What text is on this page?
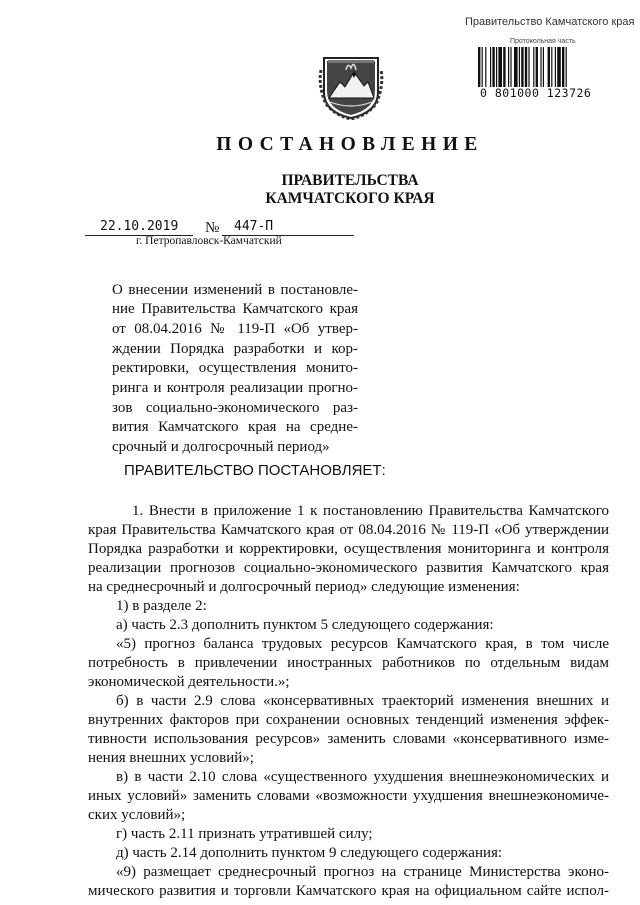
Правительство Камчатского края
Протокольная часть
0 801000 123726
ПОСТАНОВЛЕНИЕ
ПРАВИТЕЛЬСТВА
КАМЧАТСКОГО КРАЯ
22.10.2019 № 447-П
г. Петропавловск-Камчатский
О внесении изменений в постановле-
ние Правительства Камчатского края
от 08.04.2016 № 119-П «Об утвер-
ждении Порядка разработки и кор-
ректировки, осуществления монито-
ринга и контроля реализации прогно-
зов социально-экономического раз-
вития Камчатского края на средне-
срочный и долгосрочный период»
ПРАВИТЕЛЬСТВО ПОСТАНОВЛЯЕТ:
1. Внести в приложение 1 к постановлению Правительства Камчатского
края Правительства Камчатского края от 08.04.2016 № 119-П «Об утверждении
Порядка разработки и корректировки, осуществления мониторинга и контроля
реализации прогнозов социально-экономического развития Камчатского края
на среднесрочный и долгосрочный период» следующие изменения:
1) в разделе 2:
а) часть 2.3 дополнить пунктом 5 следующего содержания:
«5) прогноз баланса трудовых ресурсов Камчатского края, в том числе
потребность в привлечении иностранных работников по отдельным видам
экономической деятельности.»;
б) в части 2.9 слова «консервативных траекторий изменения внешних и
внутренних факторов при сохранении основных тенденций изменения эффек-
тивности использования ресурсов» заменить словами «консервативного изме-
нения внешних условий»;
в) в части 2.10 слова «существенного ухудшения внешнеэкономических и
иных условий» заменить словами «возможности ухудшения внешнеэкономиче-
ских условий»;
г) часть 2.11 признать утратившей силу;
д) часть 2.14 дополнить пунктом 9 следующего содержания:
«9) размещает среднесрочный прогноз на странице Министерства эконо-
мического развития и торговли Камчатского края на официальном сайте испол-
